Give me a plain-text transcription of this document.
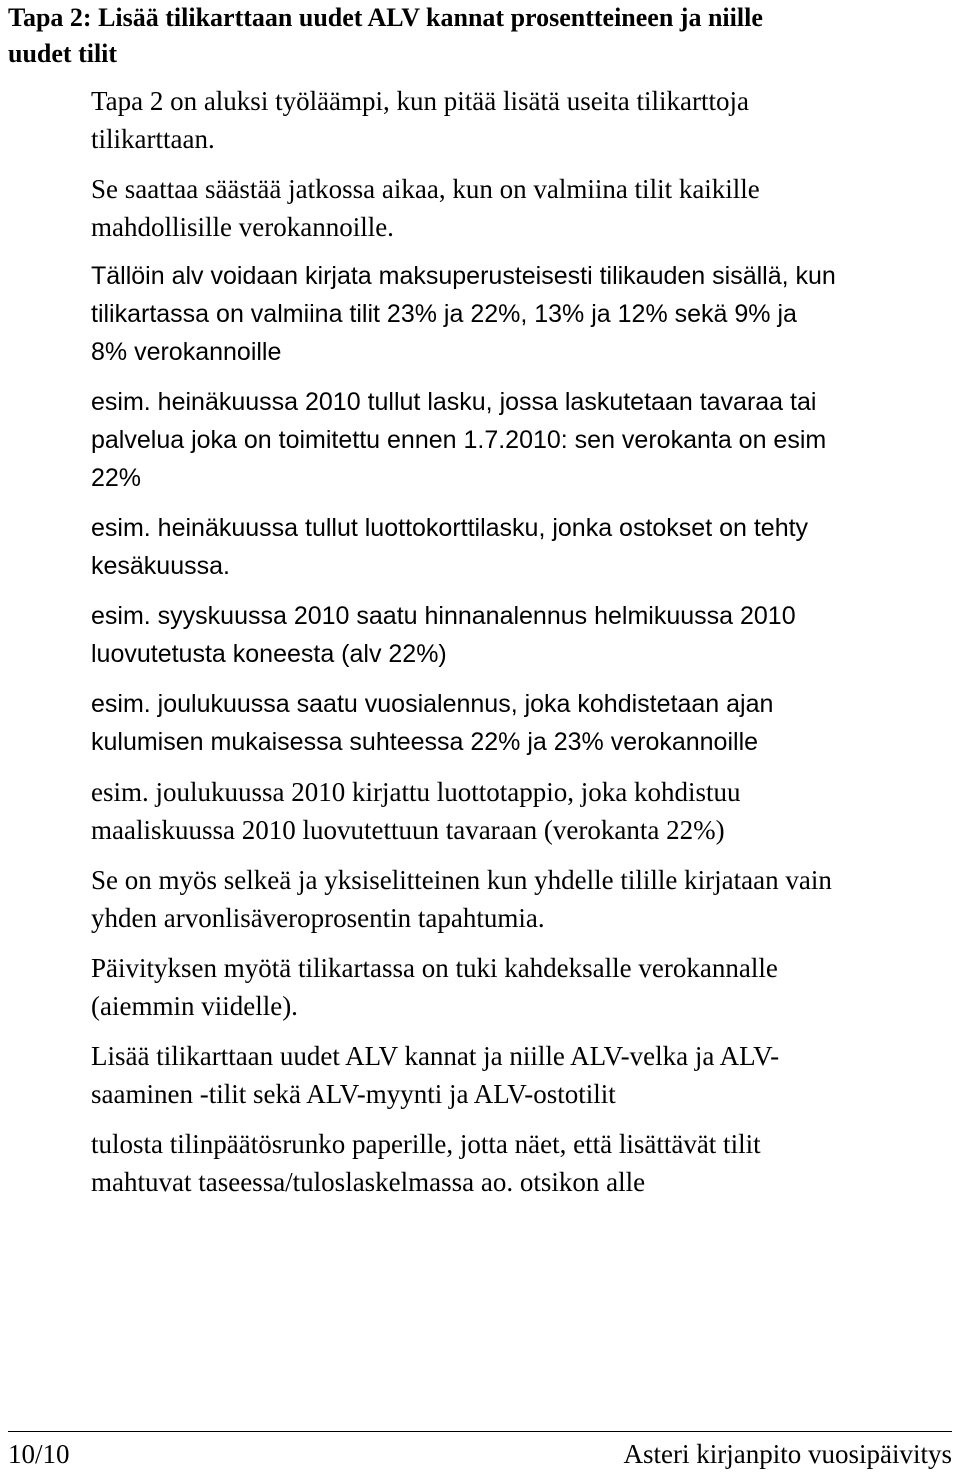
Tapa 2: Lisää tilikarttaan uudet ALV kannat prosentteineen ja niille
uudet tilit
Tapa 2 on aluksi työläämpi, kun pitää lisätä useita tilikarttoja
tilikarttaan.
Se saattaa säästää jatkossa aikaa, kun on valmiina tilit kaikille
mahdollisille verokannoille.
Tällöin alv voidaan kirjata maksuperusteisesti tilikauden sisällä, kun
tilikartassa on valmiina tilit 23% ja 22%, 13% ja 12% sekä 9% ja
8% verokannoille
esim. heinäkuussa 2010 tullut lasku, jossa laskutetaan tavaraa tai
palvelua joka on toimitettu ennen 1.7.2010: sen verokanta on esim
22%
esim. heinäkuussa tullut luottokorttilasku, jonka ostokset on tehty
kesäkuussa.
esim. syyskuussa 2010 saatu hinnanalennus helmikuussa 2010
luovutetusta koneesta (alv 22%)
esim. joulukuussa saatu vuosialennus, joka kohdistetaan ajan
kulumisen mukaisessa suhteessa 22% ja 23% verokannoille
esim. joulukuussa 2010 kirjattu luottotappio, joka kohdistuu
maaliskuussa 2010 luovutettuun tavaraan (verokanta 22%)
Se on myös selkeä ja yksiselitteinen kun yhdelle tilille kirjataan vain
yhden arvonlisäveroprosentin tapahtumia.
Päivityksen myötä tilikartassa on tuki kahdeksalle verokannalle
(aiemmin viidelle).
Lisää tilikarttaan uudet ALV kannat ja niille ALV-velka ja ALV-
saaminen -tilit sekä ALV-myynti ja ALV-ostotilit
tulosta tilinpäätösrunko paperille, jotta näet, että lisättävät tilit
mahtuvat taseessa/tuloslaskelmassa ao. otsikon alle
10/10	Asteri kirjanpito vuosipäivitys
